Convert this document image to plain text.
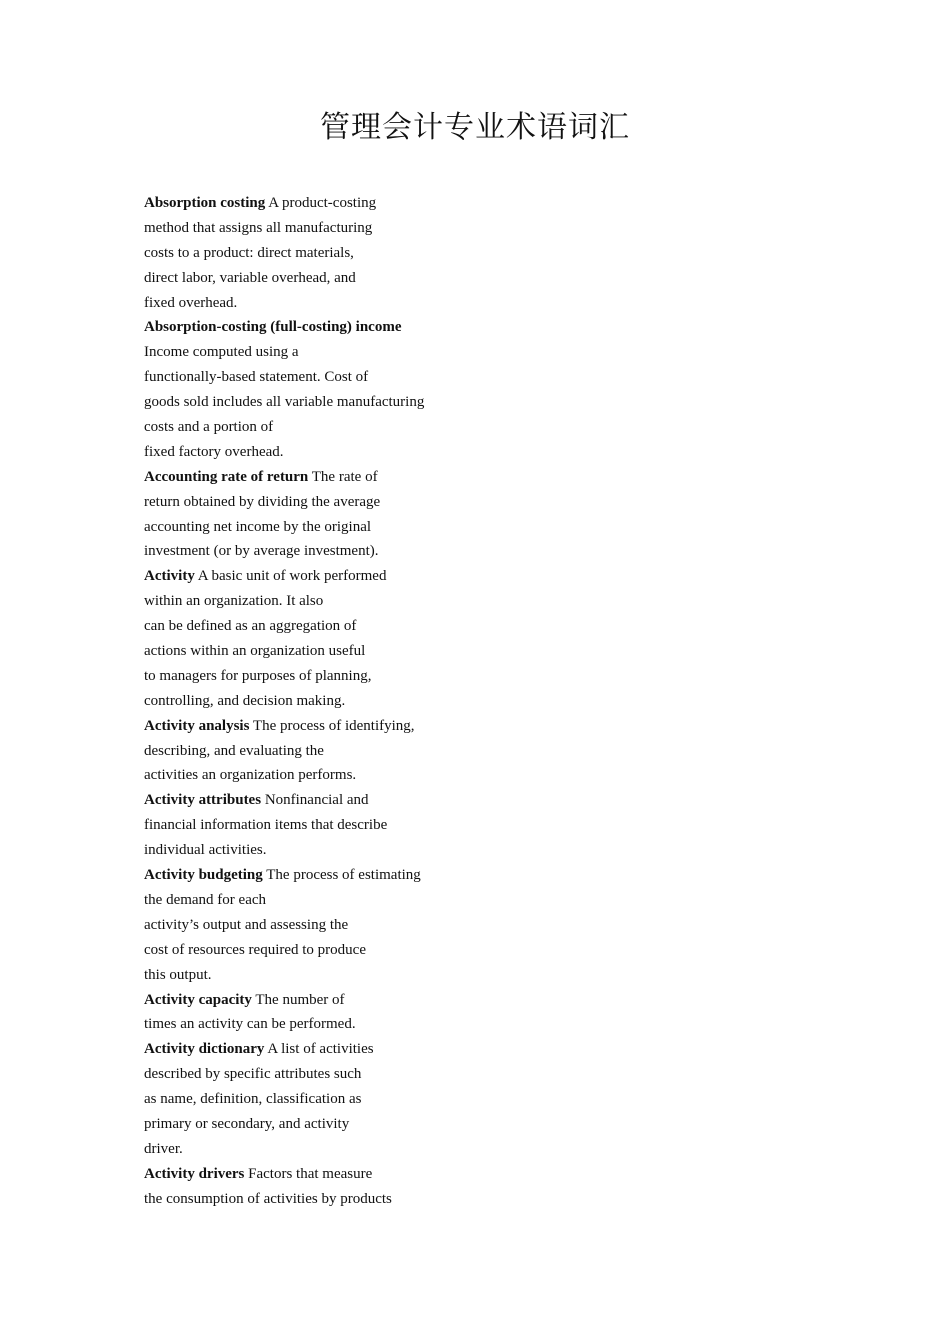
管理会计专业术语词汇
Absorption costing A product-costing
method that assigns all manufacturing
costs to a product: direct materials,
direct labor, variable overhead, and
fixed overhead.
Absorption-costing (full-costing) income
Income computed using a
functionally-based statement. Cost of
goods sold includes all variable manufacturing
costs and a portion of
fixed factory overhead.
Accounting rate of return The rate of
return obtained by dividing the average
accounting net income by the original
investment (or by average investment).
Activity A basic unit of work performed
within an organization. It also
can be defined as an aggregation of
actions within an organization useful
to managers for purposes of planning,
controlling, and decision making.
Activity analysis The process of identifying,
describing, and evaluating the
activities an organization performs.
Activity attributes Nonfinancial and
financial information items that describe
individual activities.
Activity budgeting The process of estimating
the demand for each
activity’s output and assessing the
cost of resources required to produce
this output.
Activity capacity The number of
times an activity can be performed.
Activity dictionary A list of activities
described by specific attributes such
as name, definition, classification as
primary or secondary, and activity
driver.
Activity drivers Factors that measure
the consumption of activities by products
